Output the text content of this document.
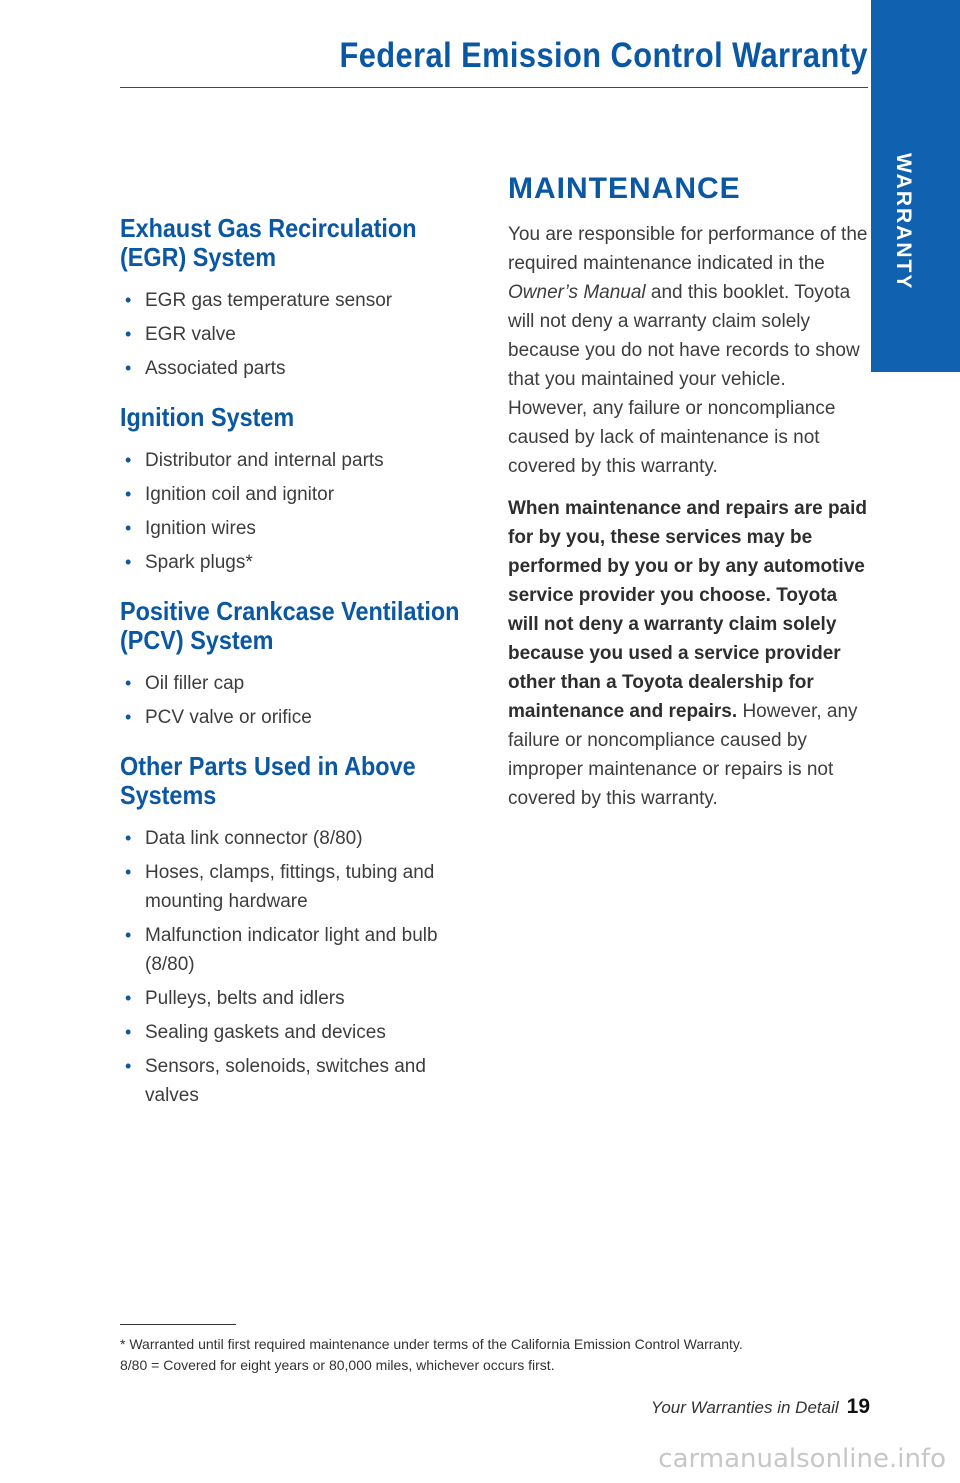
Federal Emission Control Warranty
WARRANTY
Exhaust Gas Recirculation (EGR) System
• EGR gas temperature sensor
• EGR valve
• Associated parts
Ignition System
• Distributor and internal parts
• Ignition coil and ignitor
• Ignition wires
• Spark plugs*
Positive Crankcase Ventilation (PCV) System
• Oil filler cap
• PCV valve or orifice
Other Parts Used in Above Systems
• Data link connector (8/80)
• Hoses, clamps, fittings, tubing and mounting hardware
• Malfunction indicator light and bulb (8/80)
• Pulleys, belts and idlers
• Sealing gaskets and devices
• Sensors, solenoids, switches and valves
MAINTENANCE

You are responsible for performance of the required maintenance indicated in the Owner’s Manual and this booklet. Toyota will not deny a warranty claim solely because you do not have records to show that you maintained your vehicle. However, any failure or noncompliance caused by lack of maintenance is not covered by this warranty.

When maintenance and repairs are paid for by you, these services may be performed by you or by any automotive service provider you choose. Toyota will not deny a warranty claim solely because you used a service provider other than a Toyota dealership for maintenance and repairs. However, any failure or noncompliance caused by improper maintenance or repairs is not covered by this warranty.

* Warranted until first required maintenance under terms of the California Emission Control Warranty.
8/80 = Covered for eight years or 80,000 miles, whichever occurs first.
Your Warranties in Detail 19
carmanualsonline.info
